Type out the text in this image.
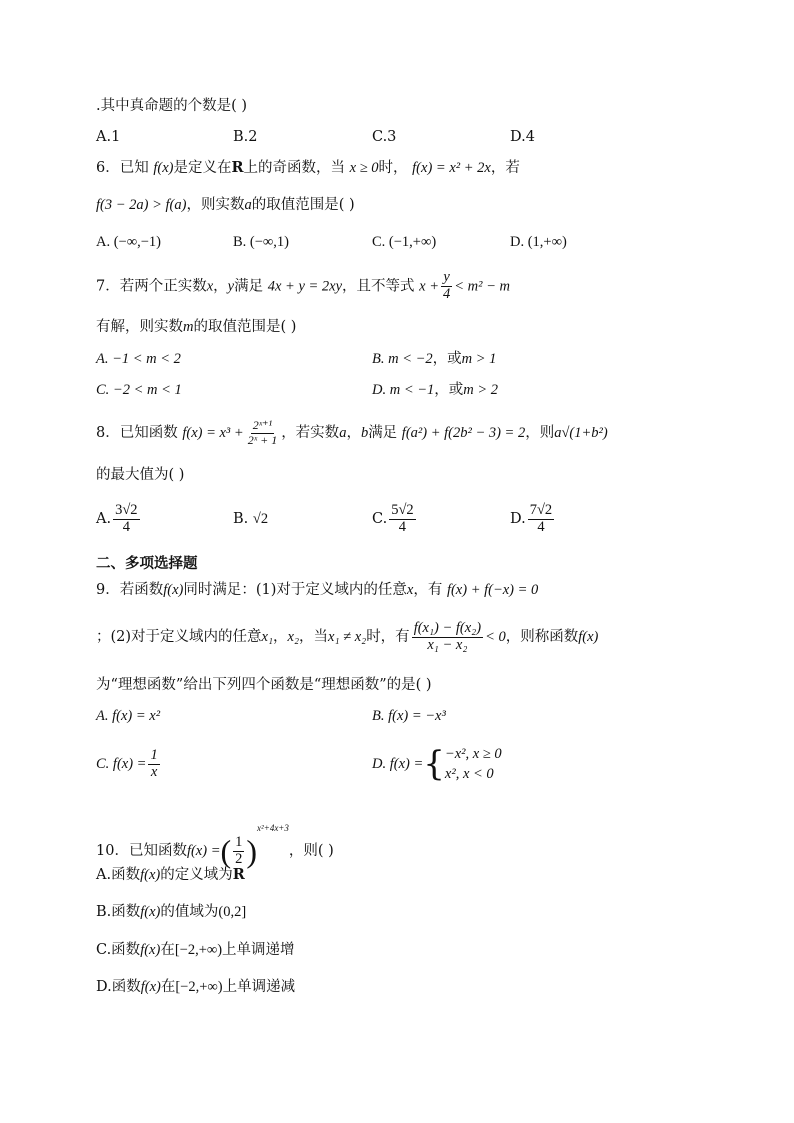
.其中真命题的个数是( )
A.1	B.2	C.3	D.4
6．已知 f(x)是定义在R上的奇函数，当 x ≥ 0时， f(x) = x² + 2x，若
f(3 − 2a) > f(a)，则实数a的取值范围是( )
A. (−∞,−1)	B. (−∞,1)	C. (−1,+∞)	D. (1,+∞)
7．若两个正实数x，y满足 4x + y = 2xy，且不等式 $x + \frac{y}{4} < m^2 - m$
有解，则实数m的取值范围是( )
A. −1 < m < 2	B. m < −2，或m > 1
C. −2 < m < 1	D. m < −1，或m > 2
8．已知函数 $f(x) = x^3 + \frac{\text{2ˣ⁺¹}}{\text{2ˣ + 1}}$ ，若实数a，b满足 f(a²) + f(2b² − 3) = 2，则a√(1+b²)
的最大值为( )
A. $\frac{3√2}{4}$	B. √2	C. $\frac{5√2}{4}$	D. $\frac{7√2}{4}$
二、多项选择题
9．若函数f(x)同时满足：(1)对于定义域内的任意x，有 f(x) + f(−x) = 0
；(2)对于定义域内的任意x₁，x₂，当x₁ ≠ x₂时，有 $\frac{\text{f(x₁) − f(x₂)}}{\text{x₁ − x₂}} < 0$，则称函数f(x)
为“理想函数”给出下列四个函数是“理想函数”的是( )
A. f(x) = x²	B. f(x) = −x³
C. $f(x) = \frac{1}{x}$	D. f(x) ={ −x², x ≥ 0
x², x < 0
10．已知函数f(x) =( $\frac{1}{2} )^{x^2+4x+3}$，则( )
A.函数f(x)的定义域为R
B.函数f(x)的值域为(0,2]
C.函数f(x)在[−2,+∞)上单调递增
D.函数f(x)在[−2,+∞)上单调递减
